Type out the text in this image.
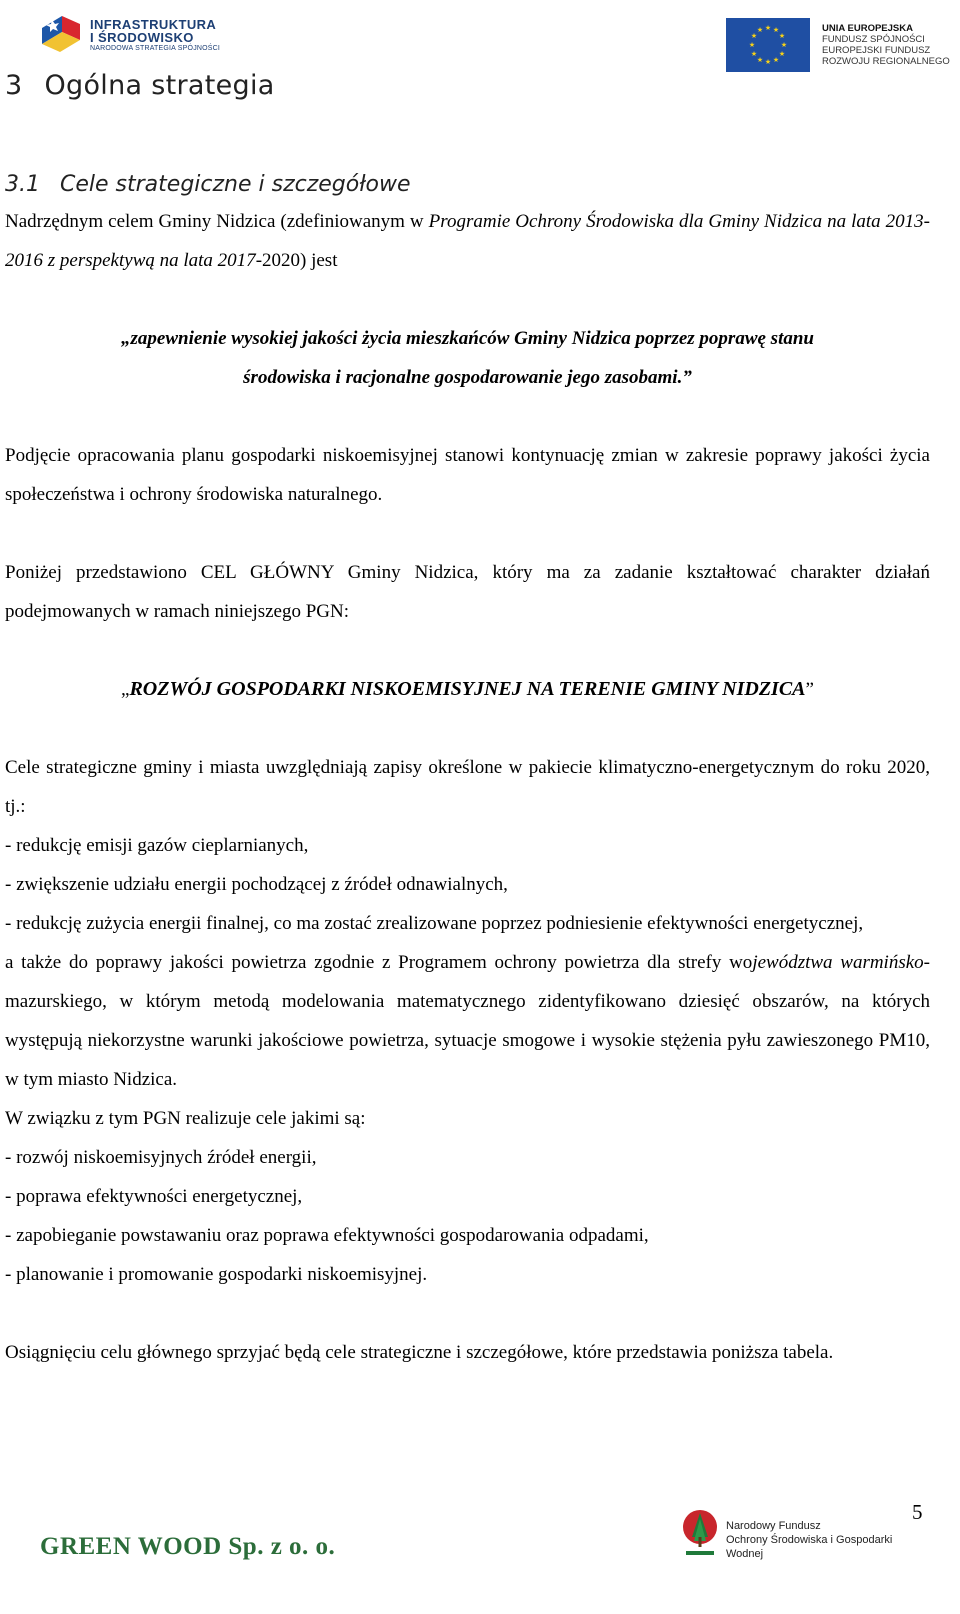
INFRASTRUKTURA
I ŚRODOWISKO
NARODOWA STRATEGIA SPÓJNOŚCI
★ ★
★
★
★
★
★
★
★
★
★
★	UNIA EUROPEJSKA
FUNDUSZ SPÓJNOŚCI
EUROPEJSKI FUNDUSZ
ROZWOJU REGIONALNEGO
3 Ogólna strategia
3.1 Cele strategiczne i szczegółowe

Nadrzędnym celem Gminy Nidzica (zdefiniowanym w Programie Ochrony Środowiska dla Gminy Nidzica na lata 2013-2016 z perspektywą na lata 2017-2020) jest

„zapewnienie wysokiej jakości życia mieszkańców Gminy Nidzica poprzez poprawę stanu

środowiska i racjonalne gospodarowanie jego zasobami.”

Podjęcie opracowania planu gospodarki niskoemisyjnej stanowi kontynuację zmian w zakresie poprawy jakości życia społeczeństwa i ochrony środowiska naturalnego.

Poniżej przedstawiono CEL GŁÓWNY Gminy Nidzica, który ma za zadanie kształtować charakter działań podejmowanych w ramach niniejszego PGN:

„ROZWÓJ GOSPODARKI NISKOEMISYJNEJ NA TERENIE GMINY NIDZICA”

Cele strategiczne gminy i miasta uwzględniają zapisy określone w pakiecie klimatyczno-energetycznym do roku 2020, tj.:

- redukcję emisji gazów cieplarnianych,

- zwiększenie udziału energii pochodzącej z źródeł odnawialnych,

- redukcję zużycia energii finalnej, co ma zostać zrealizowane poprzez podniesienie efektywności energetycznej,

a także do poprawy jakości powietrza zgodnie z Programem ochrony powietrza dla strefy województwa warmińsko-mazurskiego, w którym metodą modelowania matematycznego zidentyfikowano dziesięć obszarów, na których występują niekorzystne warunki jakościowe powietrza, sytuacje smogowe i wysokie stężenia pyłu zawieszonego PM10, w tym miasto Nidzica.

W związku z tym PGN realizuje cele jakimi są:

- rozwój niskoemisyjnych źródeł energii,

- poprawa efektywności energetycznej,

- zapobieganie powstawaniu oraz poprawa efektywności gospodarowania odpadami,

- planowanie i promowanie gospodarki niskoemisyjnej.

Osiągnięciu celu głównego sprzyjać będą cele strategiczne i szczegółowe, które przedstawia poniższa tabela.

5
Narodowy Fundusz
Ochrony Środowiska i Gospodarki Wodnej
GREEN WOOD Sp. z o. o.
